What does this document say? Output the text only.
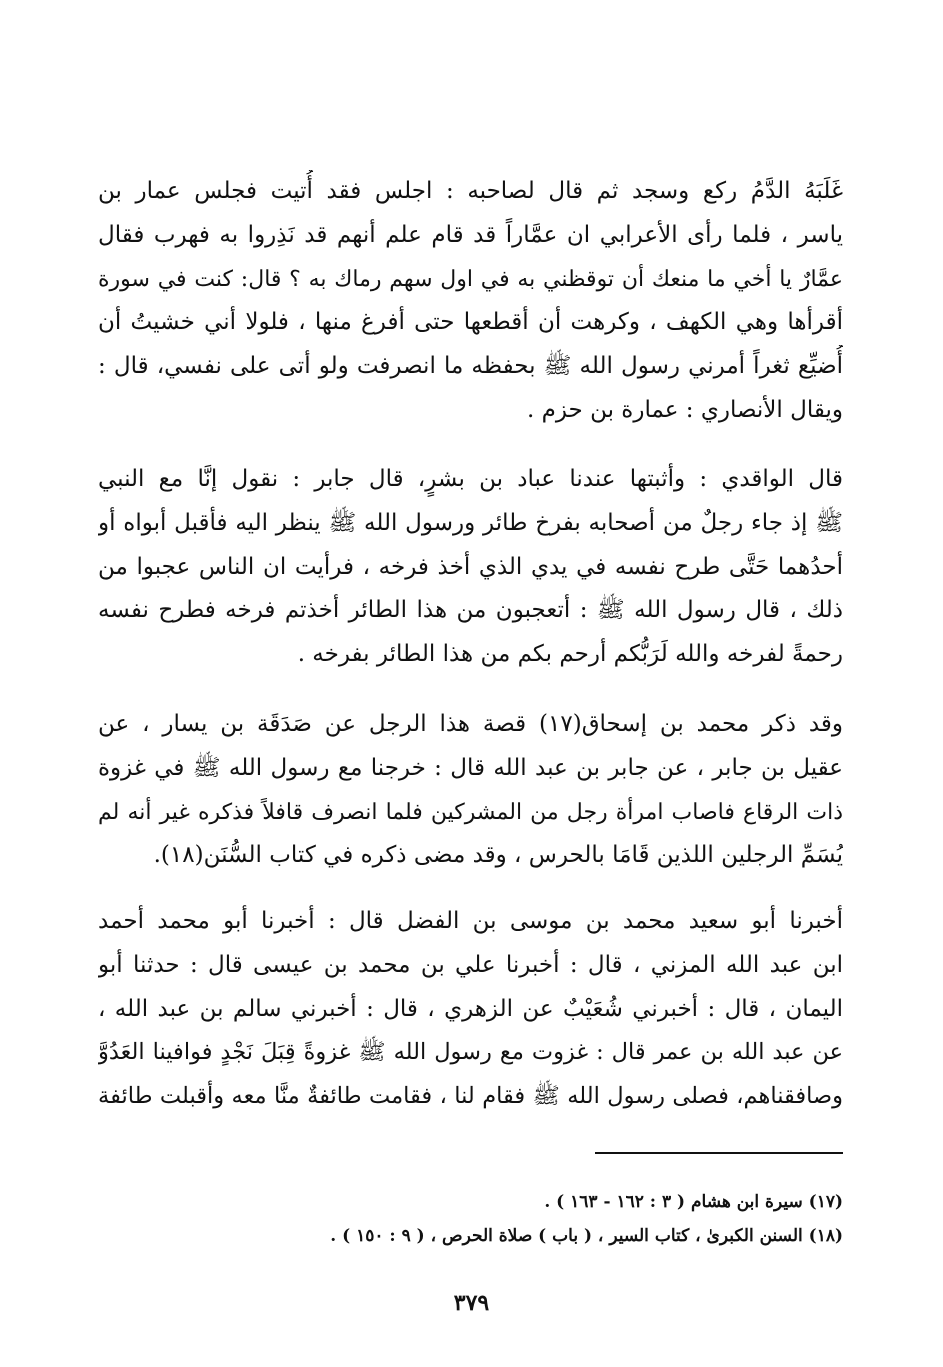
غَلَبَهُ الدَّمُ ركع وسجد ثم قال لصاحبه : اجلس فقد أُتيت فجلس عمار بن
ياسر ، فلما رأى الأعرابي ان عمَّاراً قد قام علم أنهم قد نَذِروا به فهرب فقال
عمَّارٌ يا أخي ما منعك أن توقظني به في اول سهم رماك به ؟ قال: كنت في سورة
أقرأها وهي الكهف ، وكرهت أن أقطعها حتى أفرغ منها ، فلولا أني خشيتُ أن
أُضيِّع ثغراً أمرني رسول الله ﷺ بحفظه ما انصرفت ولو أتى على نفسي، قال :
ويقال الأنصاري : عمارة بن حزم .

قال الواقدي : وأثبتها عندنا عباد بن بشرٍ، قال جابر : نقول إنَّا مع النبي
ﷺ إذ جاء رجلٌ من أصحابه بفرخ طائر ورسول الله ﷺ ينظر اليه فأقبل أبواه أو
أحدُهما حَتَّى طرح نفسه في يدي الذي أخذ فرخه ، فرأيت ان الناس عجبوا من
ذلك ، قال رسول الله ﷺ : أتعجبون من هذا الطائر أخذتم فرخه فطرح نفسه
رحمةً لفرخه والله لَرَبُّكم أرحم بكم من هذا الطائر بفرخه .

وقد ذكر محمد بن إسحاق(١٧) قصة هذا الرجل عن صَدَقَة بن يسار ، عن
عقيل بن جابر ، عن جابر بن عبد الله قال : خرجنا مع رسول الله ﷺ في غزوة
ذات الرقاع فاصاب امرأة رجل من المشركين فلما انصرف قافلاً فذكره غير أنه لم
يُسَمِّ الرجلين اللذين قَامَا بالحرس ، وقد مضى ذكره في كتاب السُّنَن(١٨).

أخبرنا أبو سعيد محمد بن موسى بن الفضل قال : أخبرنا أبو محمد أحمد
ابن عبد الله المزني ، قال : أخبرنا علي بن محمد بن عيسى قال : حدثنا أبو
اليمان ، قال : أخبرني شُعَيْبٌ عن الزهري ، قال : أخبرني سالم بن عبد الله ،
عن عبد الله بن عمر قال : غزوت مع رسول الله ﷺ غزوةً قِبَلَ نَجْدٍ فوافينا العَدُوَّ
وصافقناهم، فصلى رسول الله ﷺ فقام لنا ، فقامت طائفةٌ منَّا معه وأقبلت طائفة

(١٧) سيرة ابن هشام ( ٣ : ١٦٢ - ١٦٣ ) .

(١٨) السنن الكبرىٰ ، كتاب السير ، ( باب ) صلاة الحرص ، ( ٩ : ١٥٠ ) .

٣٧٩
